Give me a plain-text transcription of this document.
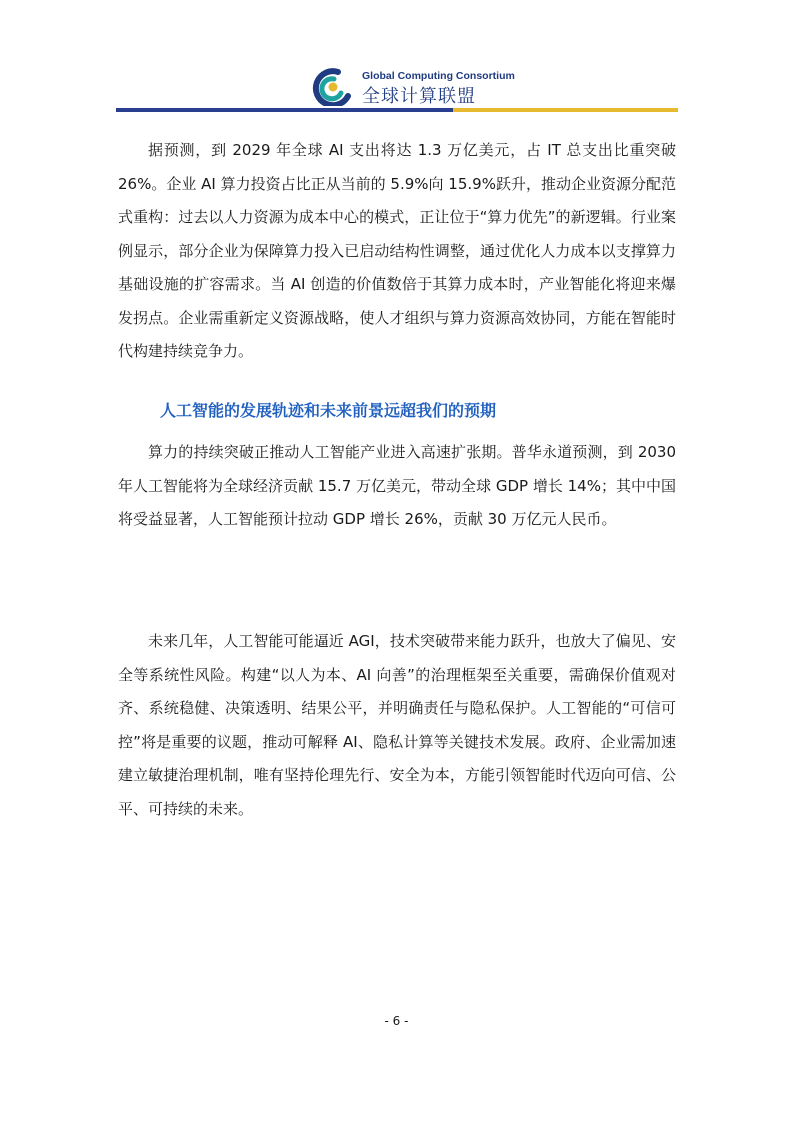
Global Computing Consortium
全球计算联盟

据预测，到 2029 年全球 AI 支出将达 1.3 万亿美元，占 IT 总支出比重突破 26%。企业 AI 算力投资占比正从当前的 5.9%向 15.9%跃升，推动企业资源分配范式重构：过去以人力资源为成本中心的模式，正让位于“算力优先”的新逻辑。行业案例显示，部分企业为保障算力投入已启动结构性调整，通过优化人力成本以支撑算力基础设施的扩容需求。当 AI 创造的价值数倍于其算力成本时，产业智能化将迎来爆发拐点。企业需重新定义资源战略，使人才组织与算力资源高效协同，方能在智能时代构建持续竞争力。

人工智能的发展轨迹和未来前景远超我们的预期

算力的持续突破正推动人工智能产业进入高速扩张期。普华永道预测，到 2030 年人工智能将为全球经济贡献 15.7 万亿美元，带动全球 GDP 增长 14%；其中中国将受益显著，人工智能预计拉动 GDP 增长 26%，贡献 30 万亿元人民币。

未来几年，人工智能可能逼近 AGI，技术突破带来能力跃升，也放大了偏见、安全等系统性风险。构建“以人为本、AI 向善”的治理框架至关重要，需确保价值观对齐、系统稳健、决策透明、结果公平，并明确责任与隐私保护。人工智能的“可信可控”将是重要的议题，推动可解释 AI、隐私计算等关键技术发展。政府、企业需加速建立敏捷治理机制，唯有坚持伦理先行、安全为本，方能引领智能时代迈向可信、公平、可持续的未来。

- 6 -
